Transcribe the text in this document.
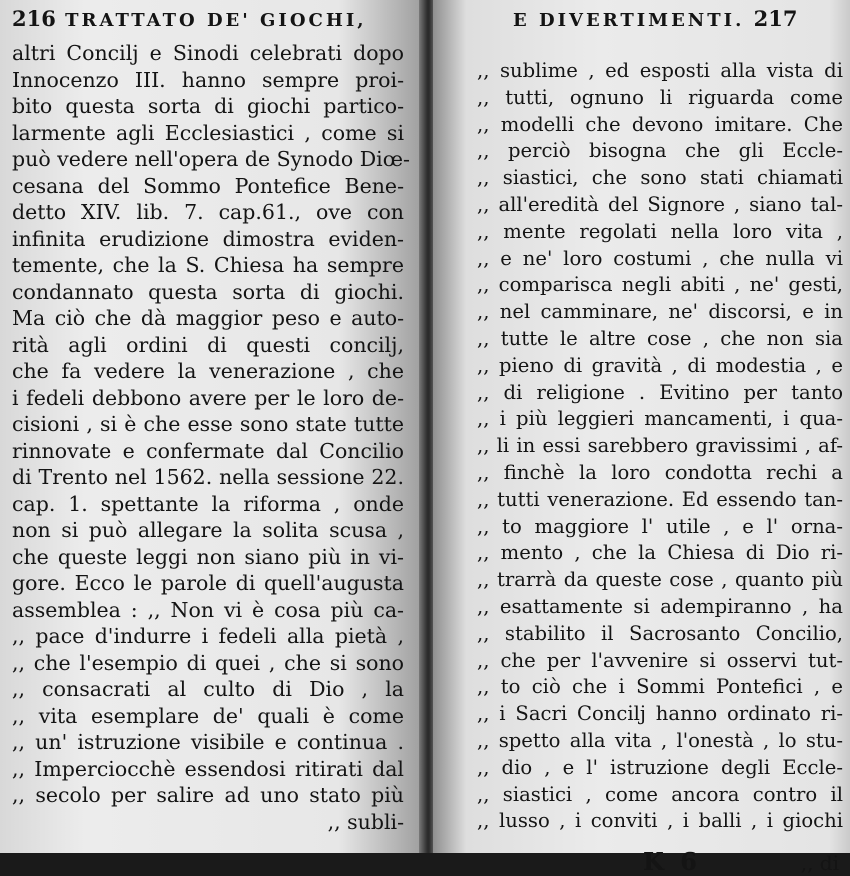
216 TRATTATO DE' GIOCHI,
altri Concilj e Sinodi celebrati dopo
Innocenzo III. hanno sempre proi-
bito questa sorta di giochi partico-
larmente agli Ecclesiastici , come si
può vedere nell'opera de Synodo Diœ-
cesana del Sommo Pontefice Bene-
detto XIV. lib. 7. cap.61., ove con
infinita erudizione dimostra eviden-
temente, che la S. Chiesa ha sempre
condannato questa sorta di giochi.
Ma ciò che dà maggior peso e auto-
rità agli ordini di questi concilj,
che fa vedere la venerazione , che
i fedeli debbono avere per le loro de-
cisioni , si è che esse sono state tutte
rinnovate e confermate dal Concilio
di Trento nel 1562. nella sessione 22.
cap. 1. spettante la riforma , onde
non si può allegare la solita scusa ,
che queste leggi non siano più in vi-
gore. Ecco le parole di quell'augusta
assemblea : ,, Non vi è cosa più ca-
,, pace d'indurre i fedeli alla pietà ,
,, che l'esempio di quei , che si sono
,, consacrati al culto di Dio , la
,, vita esemplare de' quali è come
,, un' istruzione visibile e continua .
,, Imperciocchè essendosi ritirati dal
,, secolo per salire ad uno stato più
,, subli-
E DIVERTIMENTI. 217
,, sublime , ed esposti alla vista di
,, tutti, ognuno li riguarda come
,, modelli che devono imitare. Che
,, perciò bisogna che gli Eccle-
,, siastici, che sono stati chiamati
,, all'eredità del Signore , siano tal-
,, mente regolati nella loro vita ,
,, e ne' loro costumi , che nulla vi
,, comparisca negli abiti , ne' gesti,
,, nel camminare, ne' discorsi, e in
,, tutte le altre cose , che non sia
,, pieno di gravità , di modestia , e
,, di religione . Evitino per tanto
,, i più leggieri mancamenti, i qua-
,, li in essi sarebbero gravissimi , af-
,, finchè la loro condotta rechi a
,, tutti venerazione. Ed essendo tan-
,, to maggiore l' utile , e l' orna-
,, mento , che la Chiesa di Dio ri-
,, trarrà da queste cose , quanto più
,, esattamente si adempiranno , ha
,, stabilito il Sacrosanto Concilio,
,, che per l'avvenire si osservi tut-
,, to ciò che i Sommi Pontefici , e
,, i Sacri Concilj hanno ordinato ri-
,, spetto alla vita , l'onestà , lo stu-
,, dio , e l' istruzione degli Eccle-
,, siastici , come ancora contro il
,, lusso , i conviti , i balli , i giochi
K 6	,, di
